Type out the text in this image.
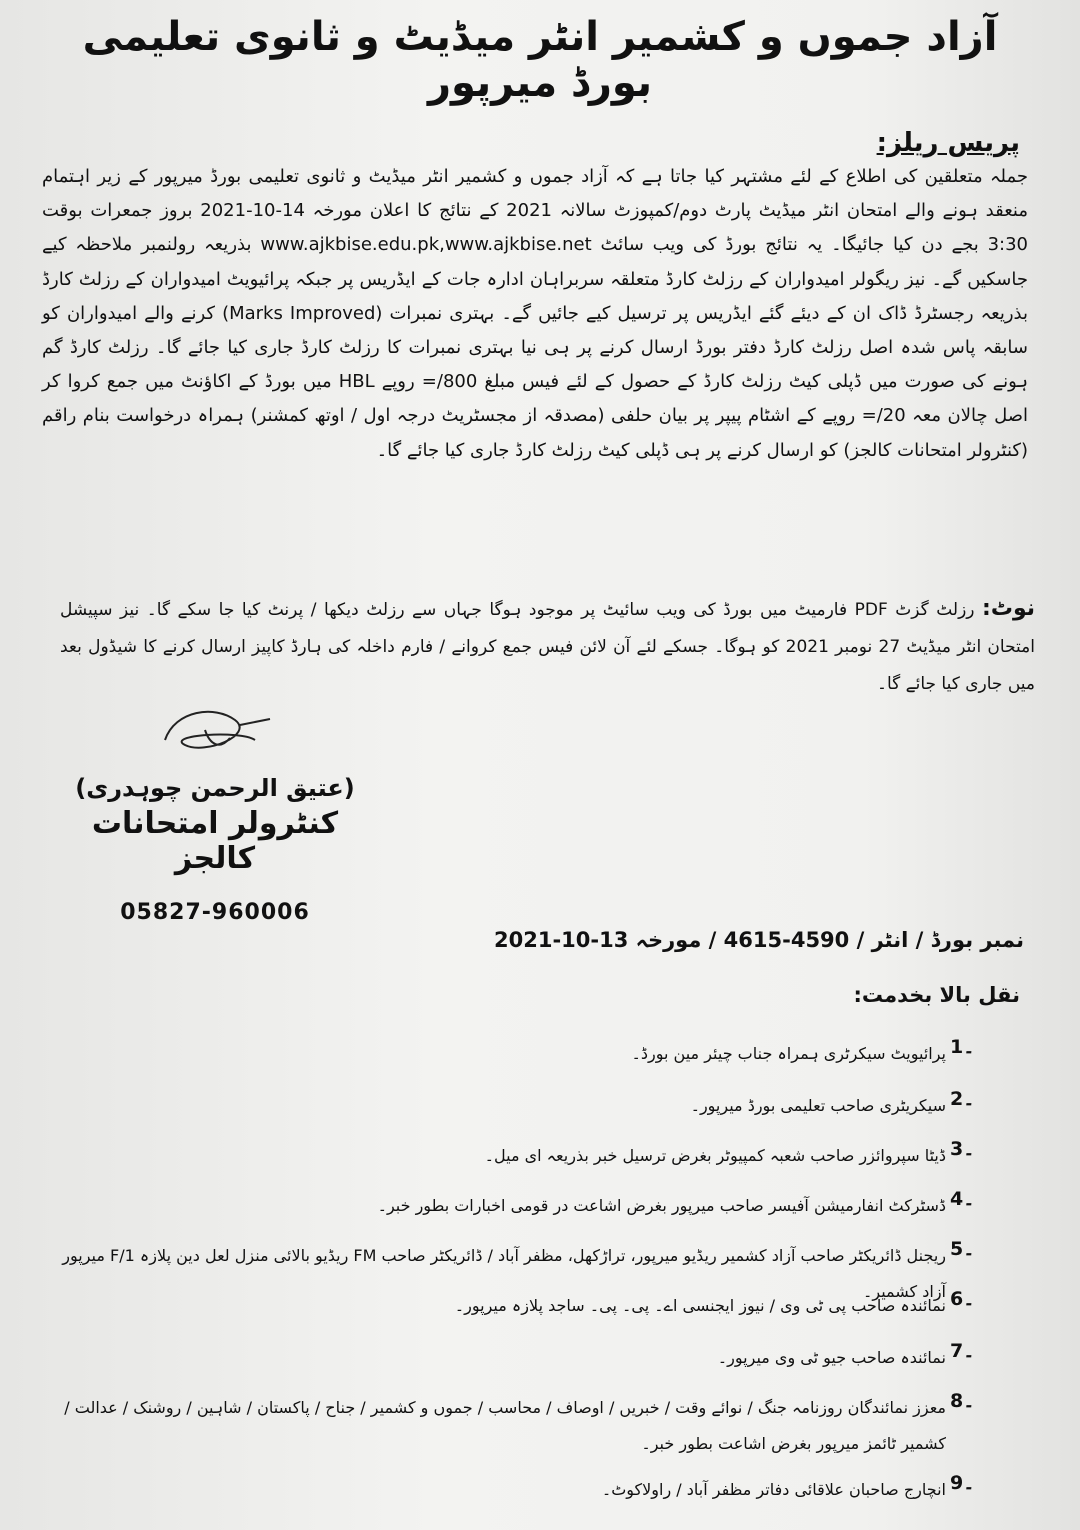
آزاد جموں و کشمیر انٹر میڈیٹ و ثانوی تعلیمی بورڈ میرپور
پریس ریلز:
جملہ متعلقین کی اطلاع کے لئے مشتہر کیا جاتا ہے کہ آزاد جموں و کشمیر انٹر میڈیٹ و ثانوی تعلیمی بورڈ میرپور کے زیر اہتمام منعقد ہونے والے امتحان انٹر میڈیٹ پارٹ دوم/کمپوزٹ سالانہ 2021 کے نتائج کا اعلان مورخہ 14-10-2021 بروز جمعرات بوقت 3:30 بجے دن کیا جائیگا۔ یہ نتائج بورڈ کی ویب سائٹ www.ajkbise.edu.pk,www.ajkbise.net بذریعہ رولنمبر ملاحظہ کیے جاسکیں گے۔ نیز ریگولر امیدواران کے رزلٹ کارڈ متعلقہ سربراہان ادارہ جات کے ایڈریس پر جبکہ پرائیویٹ امیدواران کے رزلٹ کارڈ بذریعہ رجسٹرڈ ڈاک ان کے دیئے گئے ایڈریس پر ترسیل کیے جائیں گے۔ بہتری نمبرات (Marks Improved) کرنے والے امیدواران کو سابقہ پاس شدہ اصل رزلٹ کارڈ دفتر بورڈ ارسال کرنے پر ہی نیا بہتری نمبرات کا رزلٹ کارڈ جاری کیا جائے گا۔ رزلٹ کارڈ گم ہونے کی صورت میں ڈپلی کیٹ رزلٹ کارڈ کے حصول کے لئے فیس مبلغ 800/= روپے HBL میں بورڈ کے اکاؤنٹ میں جمع کروا کر اصل چالان معہ 20/= روپے کے اشٹام پیپر پر بیان حلفی (مصدقہ از مجسٹریٹ درجہ اول / اوتھ کمشنر) ہمراہ درخواست بنام راقم (کنٹرولر امتحانات کالجز) کو ارسال کرنے پر ہی ڈپلی کیٹ رزلٹ کارڈ جاری کیا جائے گا۔
نوٹ: رزلٹ گزٹ PDF فارمیٹ میں بورڈ کی ویب سائیٹ پر موجود ہوگا جہاں سے رزلٹ دیکھا / پرنٹ کیا جا سکے گا۔ نیز سپیشل امتحان انٹر میڈیٹ 27 نومبر 2021 کو ہوگا۔ جسکے لئے آن لائن فیس جمع کروانے / فارم داخلہ کی ہارڈ کاپیز ارسال کرنے کا شیڈول بعد میں جاری کیا جائے گا۔
(عتیق الرحمن چوہدری)
کنٹرولر امتحانات کالجز
05827-960006
نمبر بورڈ / انٹر / 4590-4615 / مورخہ 13-10-2021
نقل بالا بخدمت:
1۔
پرائیویٹ سیکرٹری ہمراہ جناب چیئر مین بورڈ۔
2۔
سیکریٹری صاحب تعلیمی بورڈ میرپور۔
3۔
ڈیٹا سپروائزر صاحب شعبہ کمپیوٹر بغرض ترسیل خبر بذریعہ ای میل۔
4۔
ڈسٹرکٹ انفارمیشن آفیسر صاحب میرپور بغرض اشاعت در قومی اخبارات بطور خبر۔
5۔
ریجنل ڈائریکٹر صاحب آزاد کشمیر ریڈیو میرپور، تراڑکھل، مظفر آباد / ڈائریکٹر صاحب FM ریڈیو بالائی منزل لعل دین پلازہ F/1 میرپور آزاد کشمیر۔ 6۔
نمائندہ صاحب پی ٹی وی / نیوز ایجنسی اے۔ پی۔ پی۔ ساجد پلازہ میرپور۔
7۔
نمائندہ صاحب جیو ٹی وی میرپور۔
8۔
معزز نمائندگان روزنامہ جنگ / نوائے وقت / خبریں / اوصاف / محاسب / جموں و کشمیر / جناح / پاکستان / شاہین / روشنک / عدالت / کشمیر ٹائمز میرپور بغرض اشاعت بطور خبر۔
9۔
انچارج صاحبان علاقائی دفاتر مظفر آباد / راولاکوٹ۔
